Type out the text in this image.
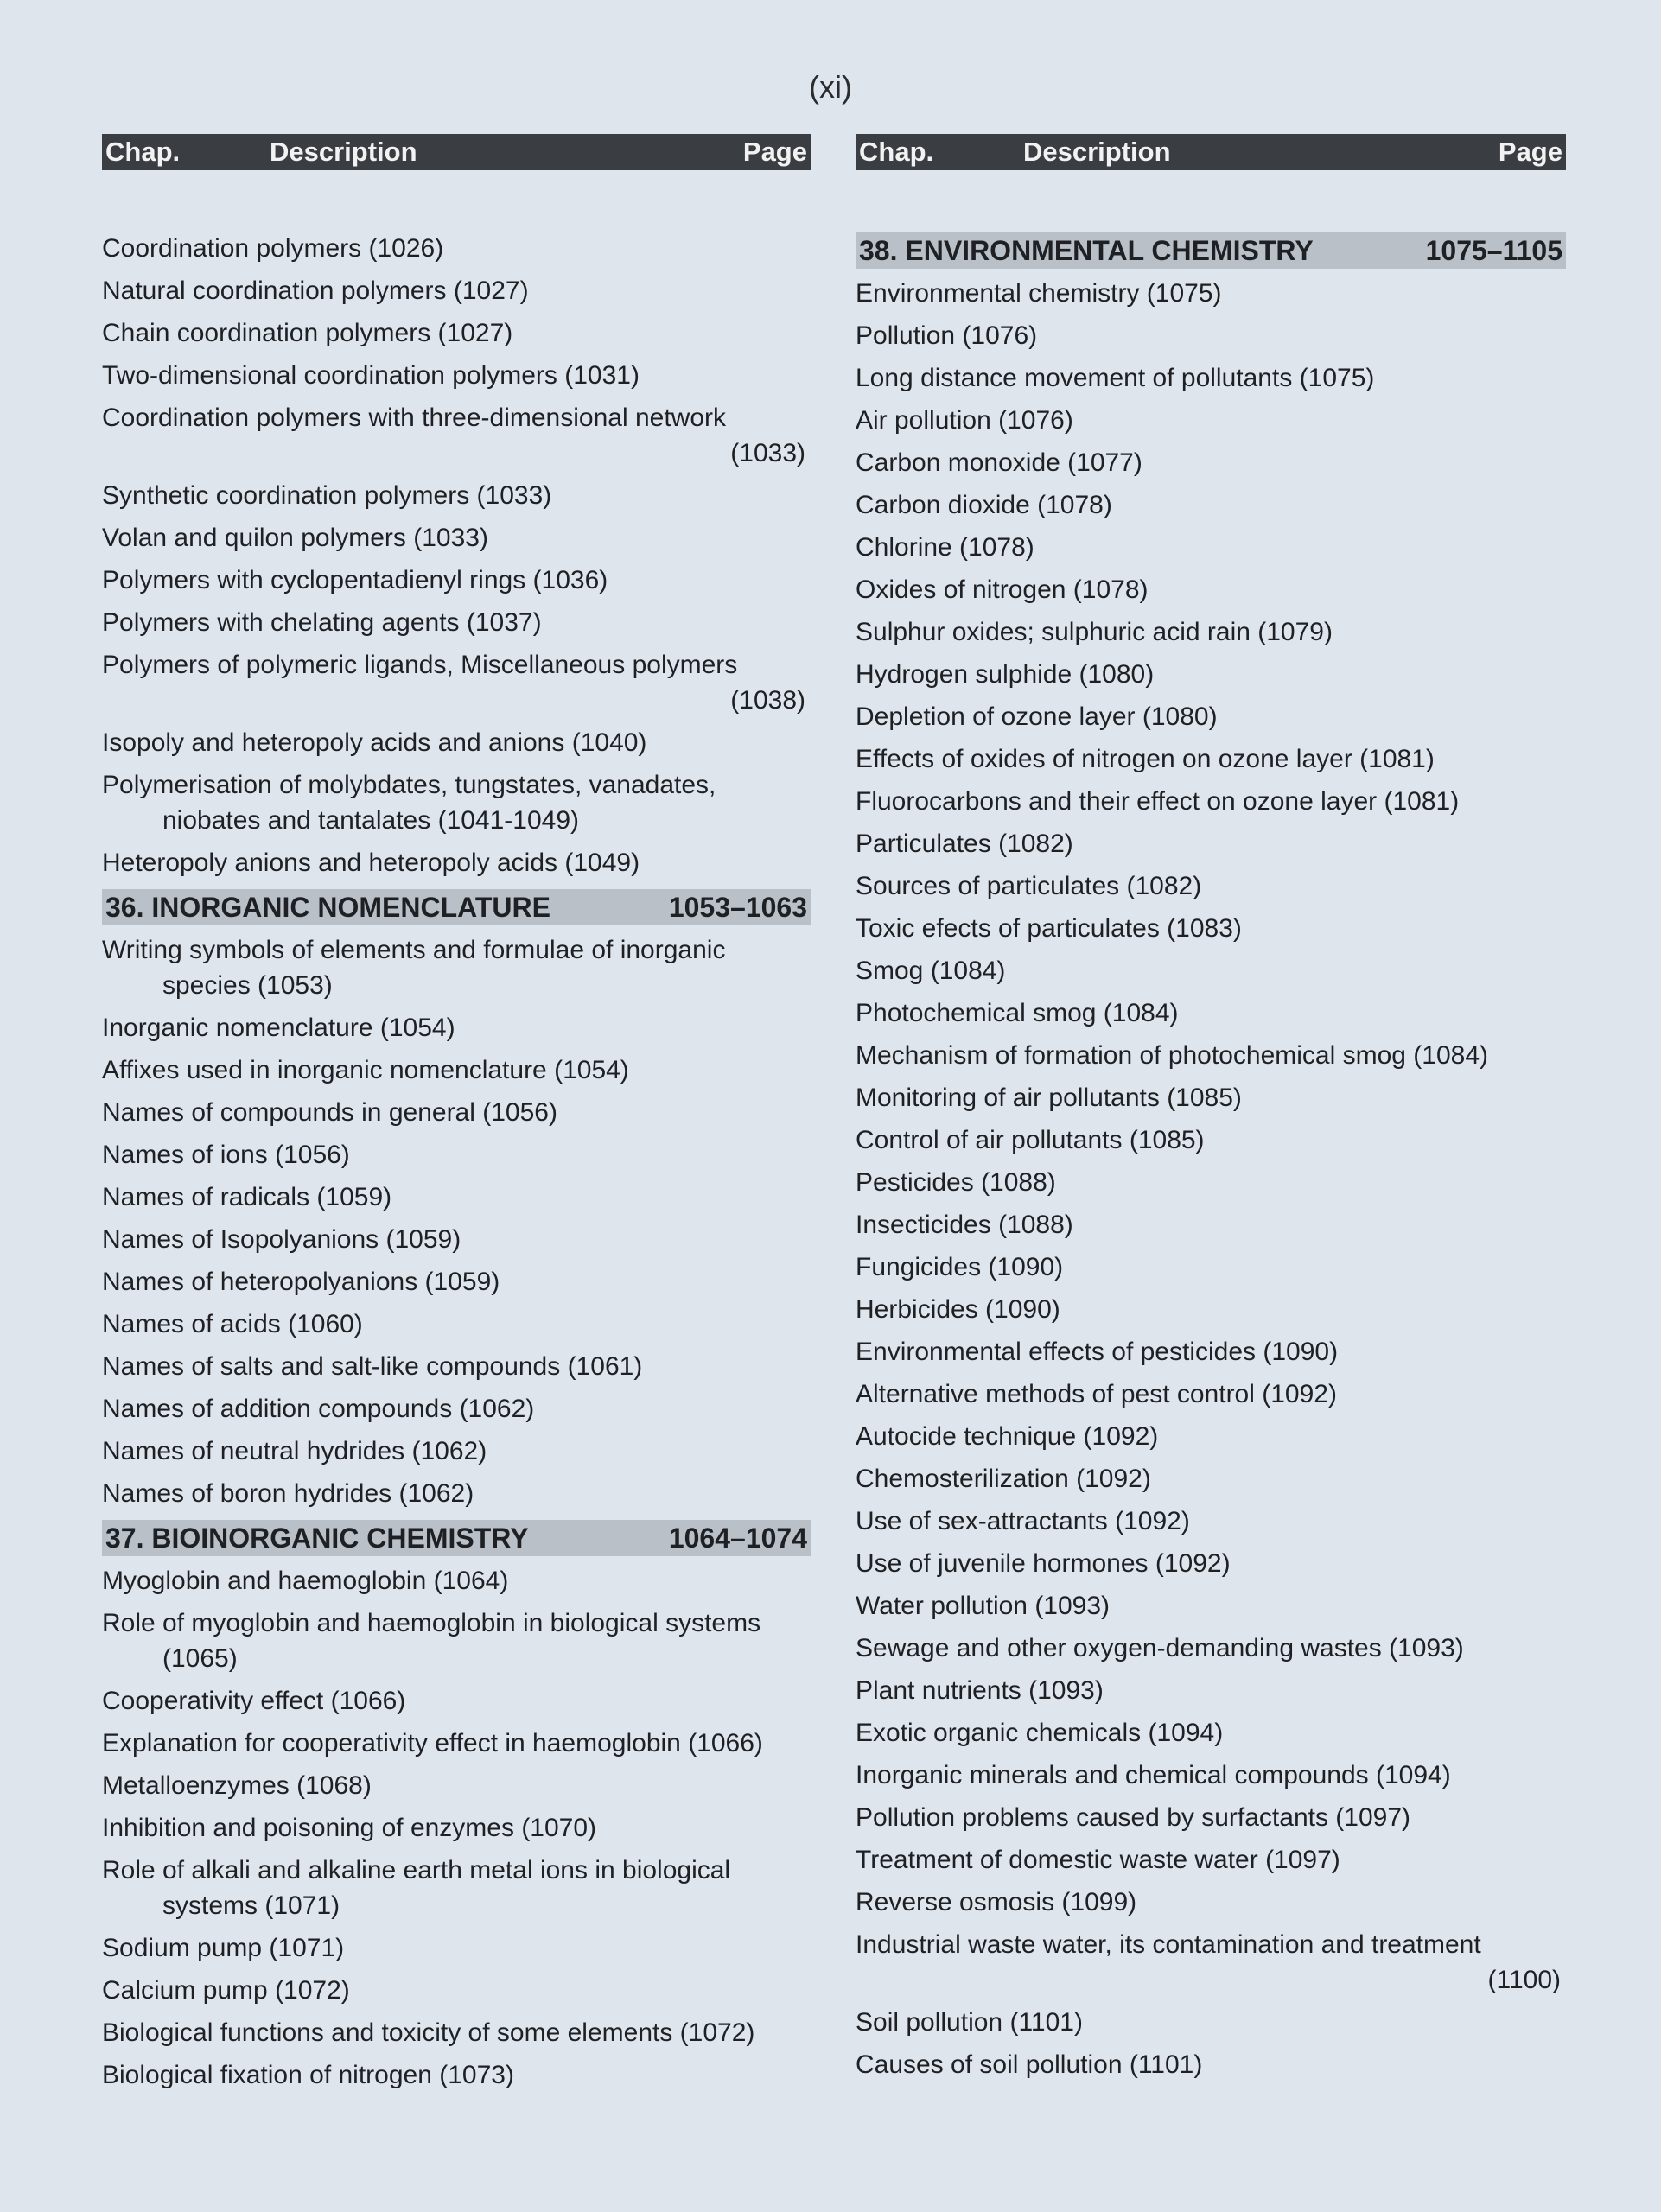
(xi)
Chap.	Description	Page
Coordination polymers (1026)
Natural coordination polymers (1027)
Chain coordination polymers (1027)
Two-dimensional coordination polymers (1031)
Coordination polymers with three-dimensional network
(1033)
Synthetic coordination polymers (1033)
Volan and quilon polymers (1033)
Polymers with cyclopentadienyl rings (1036)
Polymers with chelating agents (1037)
Polymers of polymeric ligands, Miscellaneous polymers
(1038)
Isopoly and heteropoly acids and anions (1040)
Polymerisation of molybdates, tungstates, vanadates, niobates and tantalates (1041-1049)
Heteropoly anions and heteropoly acids (1049)
36. INORGANIC NOMENCLATURE	1053–1063
Writing symbols of elements and formulae of inorganic species (1053)
Inorganic nomenclature (1054)
Affixes used in inorganic nomenclature (1054)
Names of compounds in general (1056)
Names of ions (1056)
Names of radicals (1059)
Names of Isopolyanions (1059)
Names of heteropolyanions (1059)
Names of acids (1060)
Names of salts and salt-like compounds (1061)
Names of addition compounds (1062)
Names of neutral hydrides (1062)
Names of boron hydrides (1062)
37. BIOINORGANIC CHEMISTRY	1064–1074
Myoglobin and haemoglobin (1064)
Role of myoglobin and haemoglobin in biological systems (1065)
Cooperativity effect (1066)
Explanation for cooperativity effect in haemoglobin (1066)
Metalloenzymes (1068)
Inhibition and poisoning of enzymes (1070)
Role of alkali and alkaline earth metal ions in biological systems (1071)
Sodium pump (1071)
Calcium pump (1072)
Biological functions and toxicity of some elements (1072)
Biological fixation of nitrogen (1073)
Chap.	Description	Page
38. ENVIRONMENTAL CHEMISTRY	1075–1105
Environmental chemistry (1075)
Pollution (1076)
Long distance movement of pollutants (1075)
Air pollution (1076)
Carbon monoxide (1077)
Carbon dioxide (1078)
Chlorine (1078)
Oxides of nitrogen (1078)
Sulphur oxides; sulphuric acid rain (1079)
Hydrogen sulphide (1080)
Depletion of ozone layer (1080)
Effects of oxides of nitrogen on ozone layer (1081)
Fluorocarbons and their effect on ozone layer (1081)
Particulates (1082)
Sources of particulates (1082)
Toxic efects of particulates (1083)
Smog (1084)
Photochemical smog (1084)
Mechanism of formation of photochemical smog (1084)
Monitoring of air pollutants (1085)
Control of air pollutants (1085)
Pesticides (1088)
Insecticides (1088)
Fungicides (1090)
Herbicides (1090)
Environmental effects of pesticides (1090)
Alternative methods of pest control (1092)
Autocide technique (1092)
Chemosterilization (1092)
Use of sex-attractants (1092)
Use of juvenile hormones (1092)
Water pollution (1093)
Sewage and other oxygen-demanding wastes (1093)
Plant nutrients (1093)
Exotic organic chemicals (1094)
Inorganic minerals and chemical compounds (1094)
Pollution problems caused by surfactants (1097)
Treatment of domestic waste water (1097)
Reverse osmosis (1099)
Industrial waste water, its contamination and treatment
(1100)
Soil pollution (1101)
Causes of soil pollution (1101)
